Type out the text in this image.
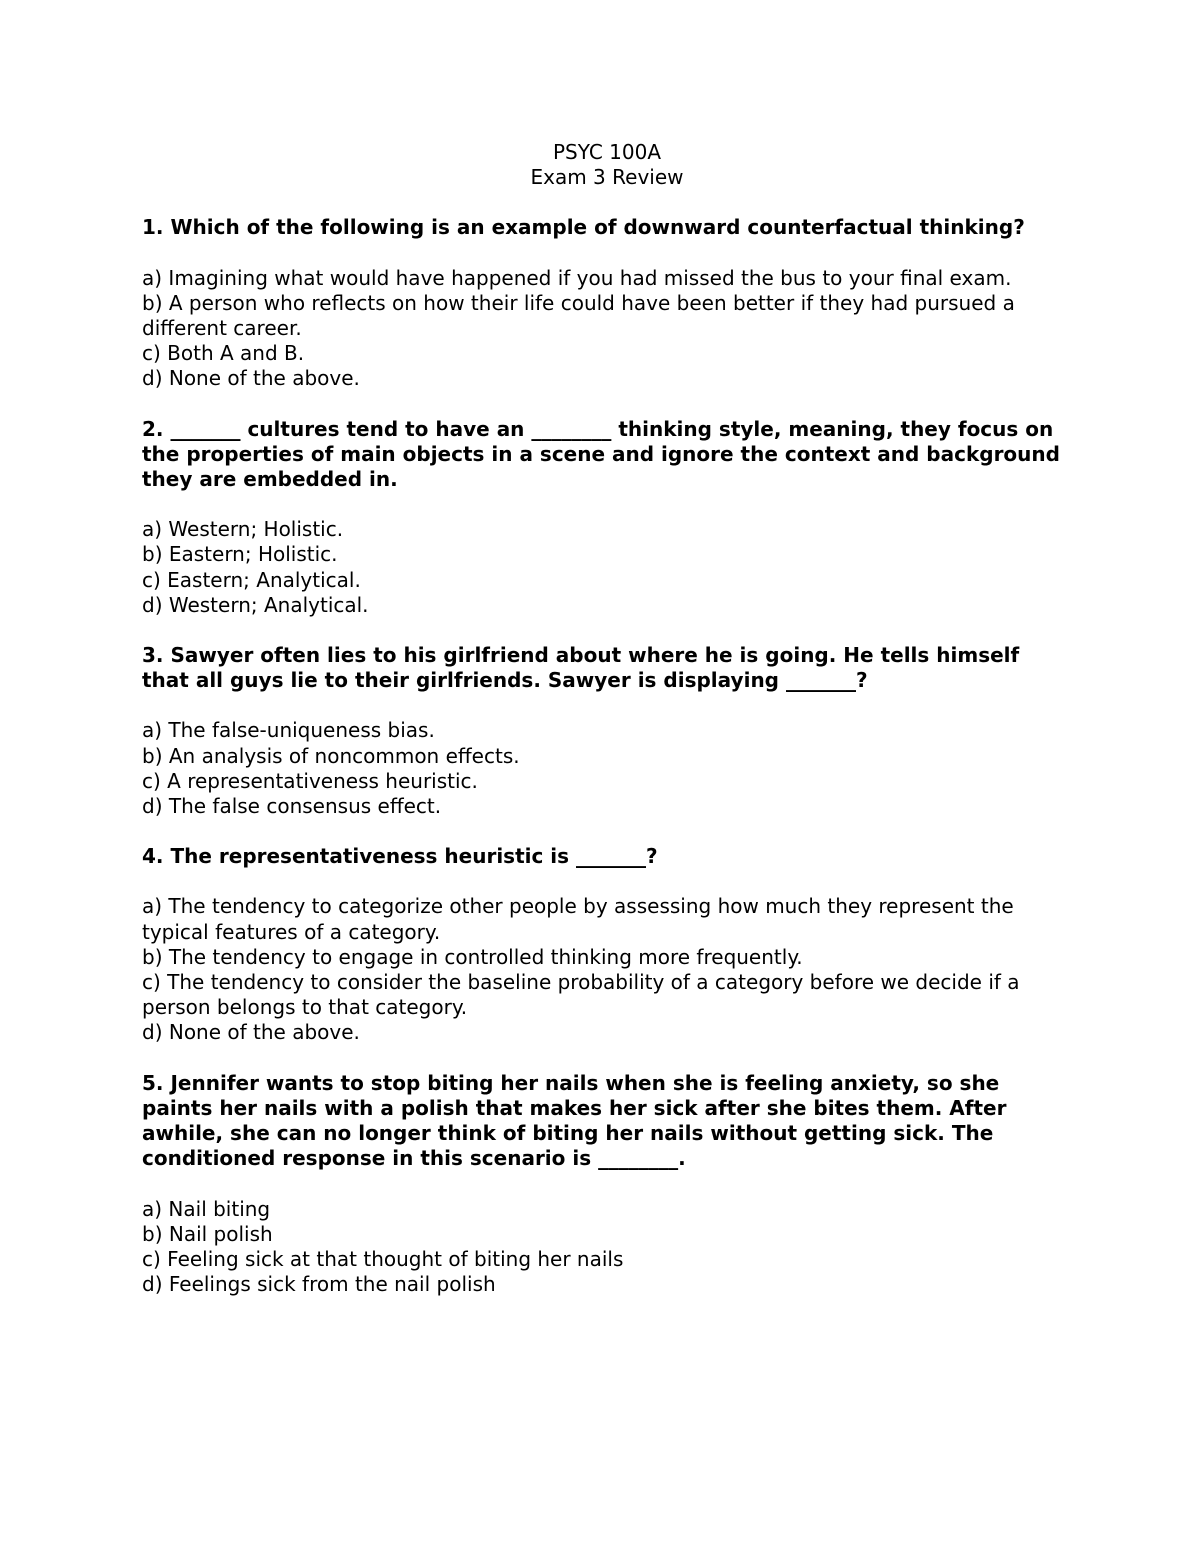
PSYC 100A
Exam 3 Review

1. Which of the following is an example of downward counterfactual thinking?

a) Imagining what would have happened if you had missed the bus to your final exam.
b) A person who reflects on how their life could have been better if they had pursued a different career.
c) Both A and B.
d) None of the above.

2. _______ cultures tend to have an ________ thinking style, meaning, they focus on the properties of main objects in a scene and ignore the context and background they are embedded in.

a) Western; Holistic.
b) Eastern; Holistic.
c) Eastern; Analytical.
d) Western; Analytical.

3. Sawyer often lies to his girlfriend about where he is going. He tells himself that all guys lie to their girlfriends. Sawyer is displaying _______?

a) The false-uniqueness bias.
b) An analysis of noncommon effects.
c) A representativeness heuristic.
d) The false consensus effect.

4. The representativeness heuristic is _______?

a) The tendency to categorize other people by assessing how much they represent the typical features of a category.
b) The tendency to engage in controlled thinking more frequently.
c) The tendency to consider the baseline probability of a category before we decide if a person belongs to that category.
d) None of the above.

5. Jennifer wants to stop biting her nails when she is feeling anxiety, so she paints her nails with a polish that makes her sick after she bites them. After awhile, she can no longer think of biting her nails without getting sick. The conditioned response in this scenario is ________.

a) Nail biting
b) Nail polish
c) Feeling sick at that thought of biting her nails
d) Feelings sick from the nail polish
